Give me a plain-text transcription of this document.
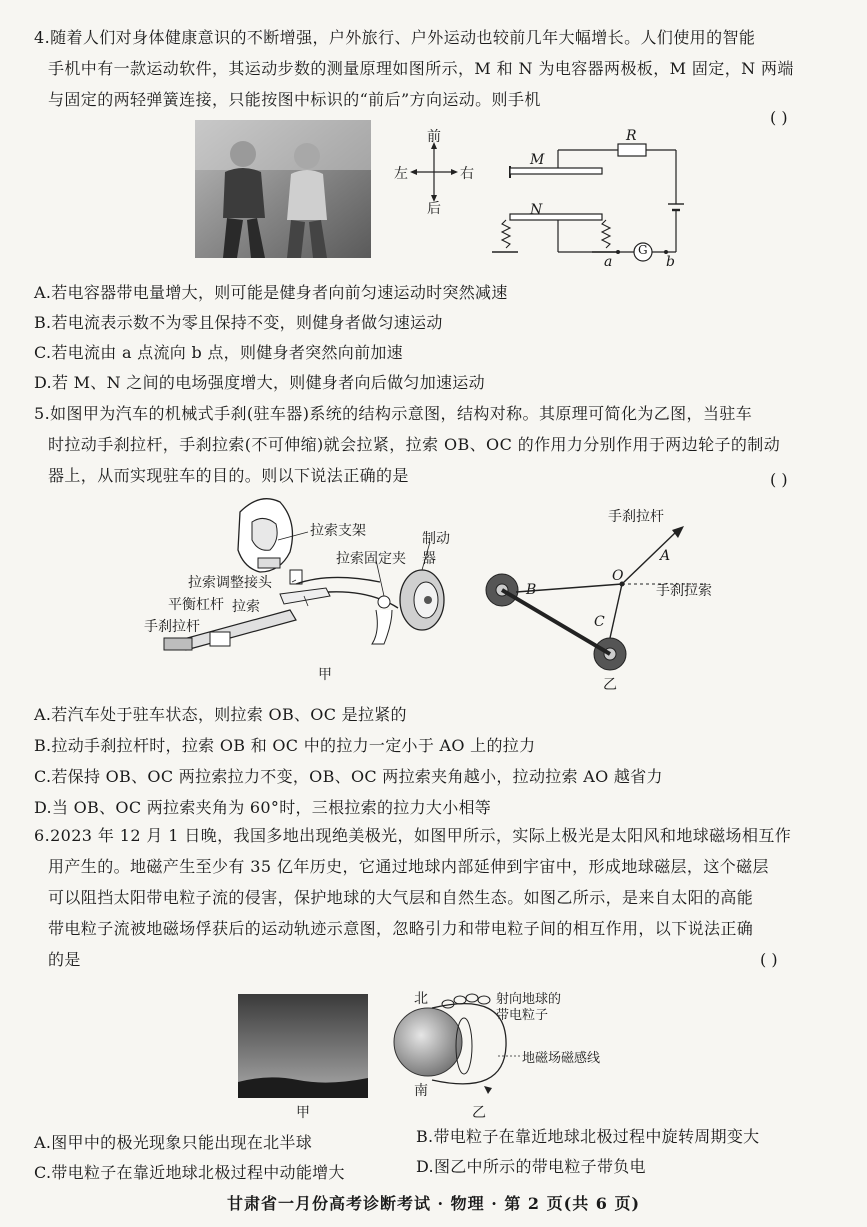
4.随着人们对身体健康意识的不断增强，户外旅行、户外运动也较前几年大幅增长。人们使用的智能
手机中有一款运动软件，其运动步数的测量原理如图所示，M 和 N 为电容器两极板，M 固定，N 两端
与固定的两轻弹簧连接，只能按图中标识的“前后”方向运动。则手机
( )
前
后
左	右
M
N
R
G
a	b
A.若电容器带电量增大，则可能是健身者向前匀速运动时突然减速
B.若电流表示数不为零且保持不变，则健身者做匀速运动
C.若电流由 a 点流向 b 点，则健身者突然向前加速
D.若 M、N 之间的电场强度增大，则健身者向后做匀加速运动
5.如图甲为汽车的机械式手刹(驻车器)系统的结构示意图，结构对称。其原理可简化为乙图，当驻车
时拉动手刹拉杆，手刹拉索(不可伸缩)就会拉紧，拉索 OB、OC 的作用力分别作用于两边轮子的制动
器上，从而实现驻车的目的。则以下说法正确的是	( )
拉索支架
拉索固定夹
制动器
拉索调整接头
平衡杠杆 拉索
手刹拉杆
甲
手刹拉杆
手刹拉索
A
O
B
C
乙
A.若汽车处于驻车状态，则拉索 OB、OC 是拉紧的
B.拉动手刹拉杆时，拉索 OB 和 OC 中的拉力一定小于 AO 上的拉力
C.若保持 OB、OC 两拉索拉力不变，OB、OC 两拉索夹角越小，拉动拉索 AO 越省力
D.当 OB、OC 两拉索夹角为 60°时，三根拉索的拉力大小相等
6.2023 年 12 月 1 日晚，我国多地出现绝美极光，如图甲所示，实际上极光是太阳风和地球磁场相互作
用产生的。地磁产生至少有 35 亿年历史，它通过地球内部延伸到宇宙中，形成地球磁层，这个磁层
可以阻挡太阳带电粒子流的侵害，保护地球的大气层和自然生态。如图乙所示，是来自太阳的高能
带电粒子流被地磁场俘获后的运动轨迹示意图，忽略引力和带电粒子间的相互作用，以下说法正确
的是	( )
甲
北
南
射向地球的
带电粒子
地磁场磁感线
乙
A.图甲中的极光现象只能出现在北半球	B.带电粒子在靠近地球北极过程中旋转周期变大
C.带电粒子在靠近地球北极过程中动能增大	D.图乙中所示的带电粒子带负电
甘肃省一月份高考诊断考试 · 物理 · 第 2 页(共 6 页)
